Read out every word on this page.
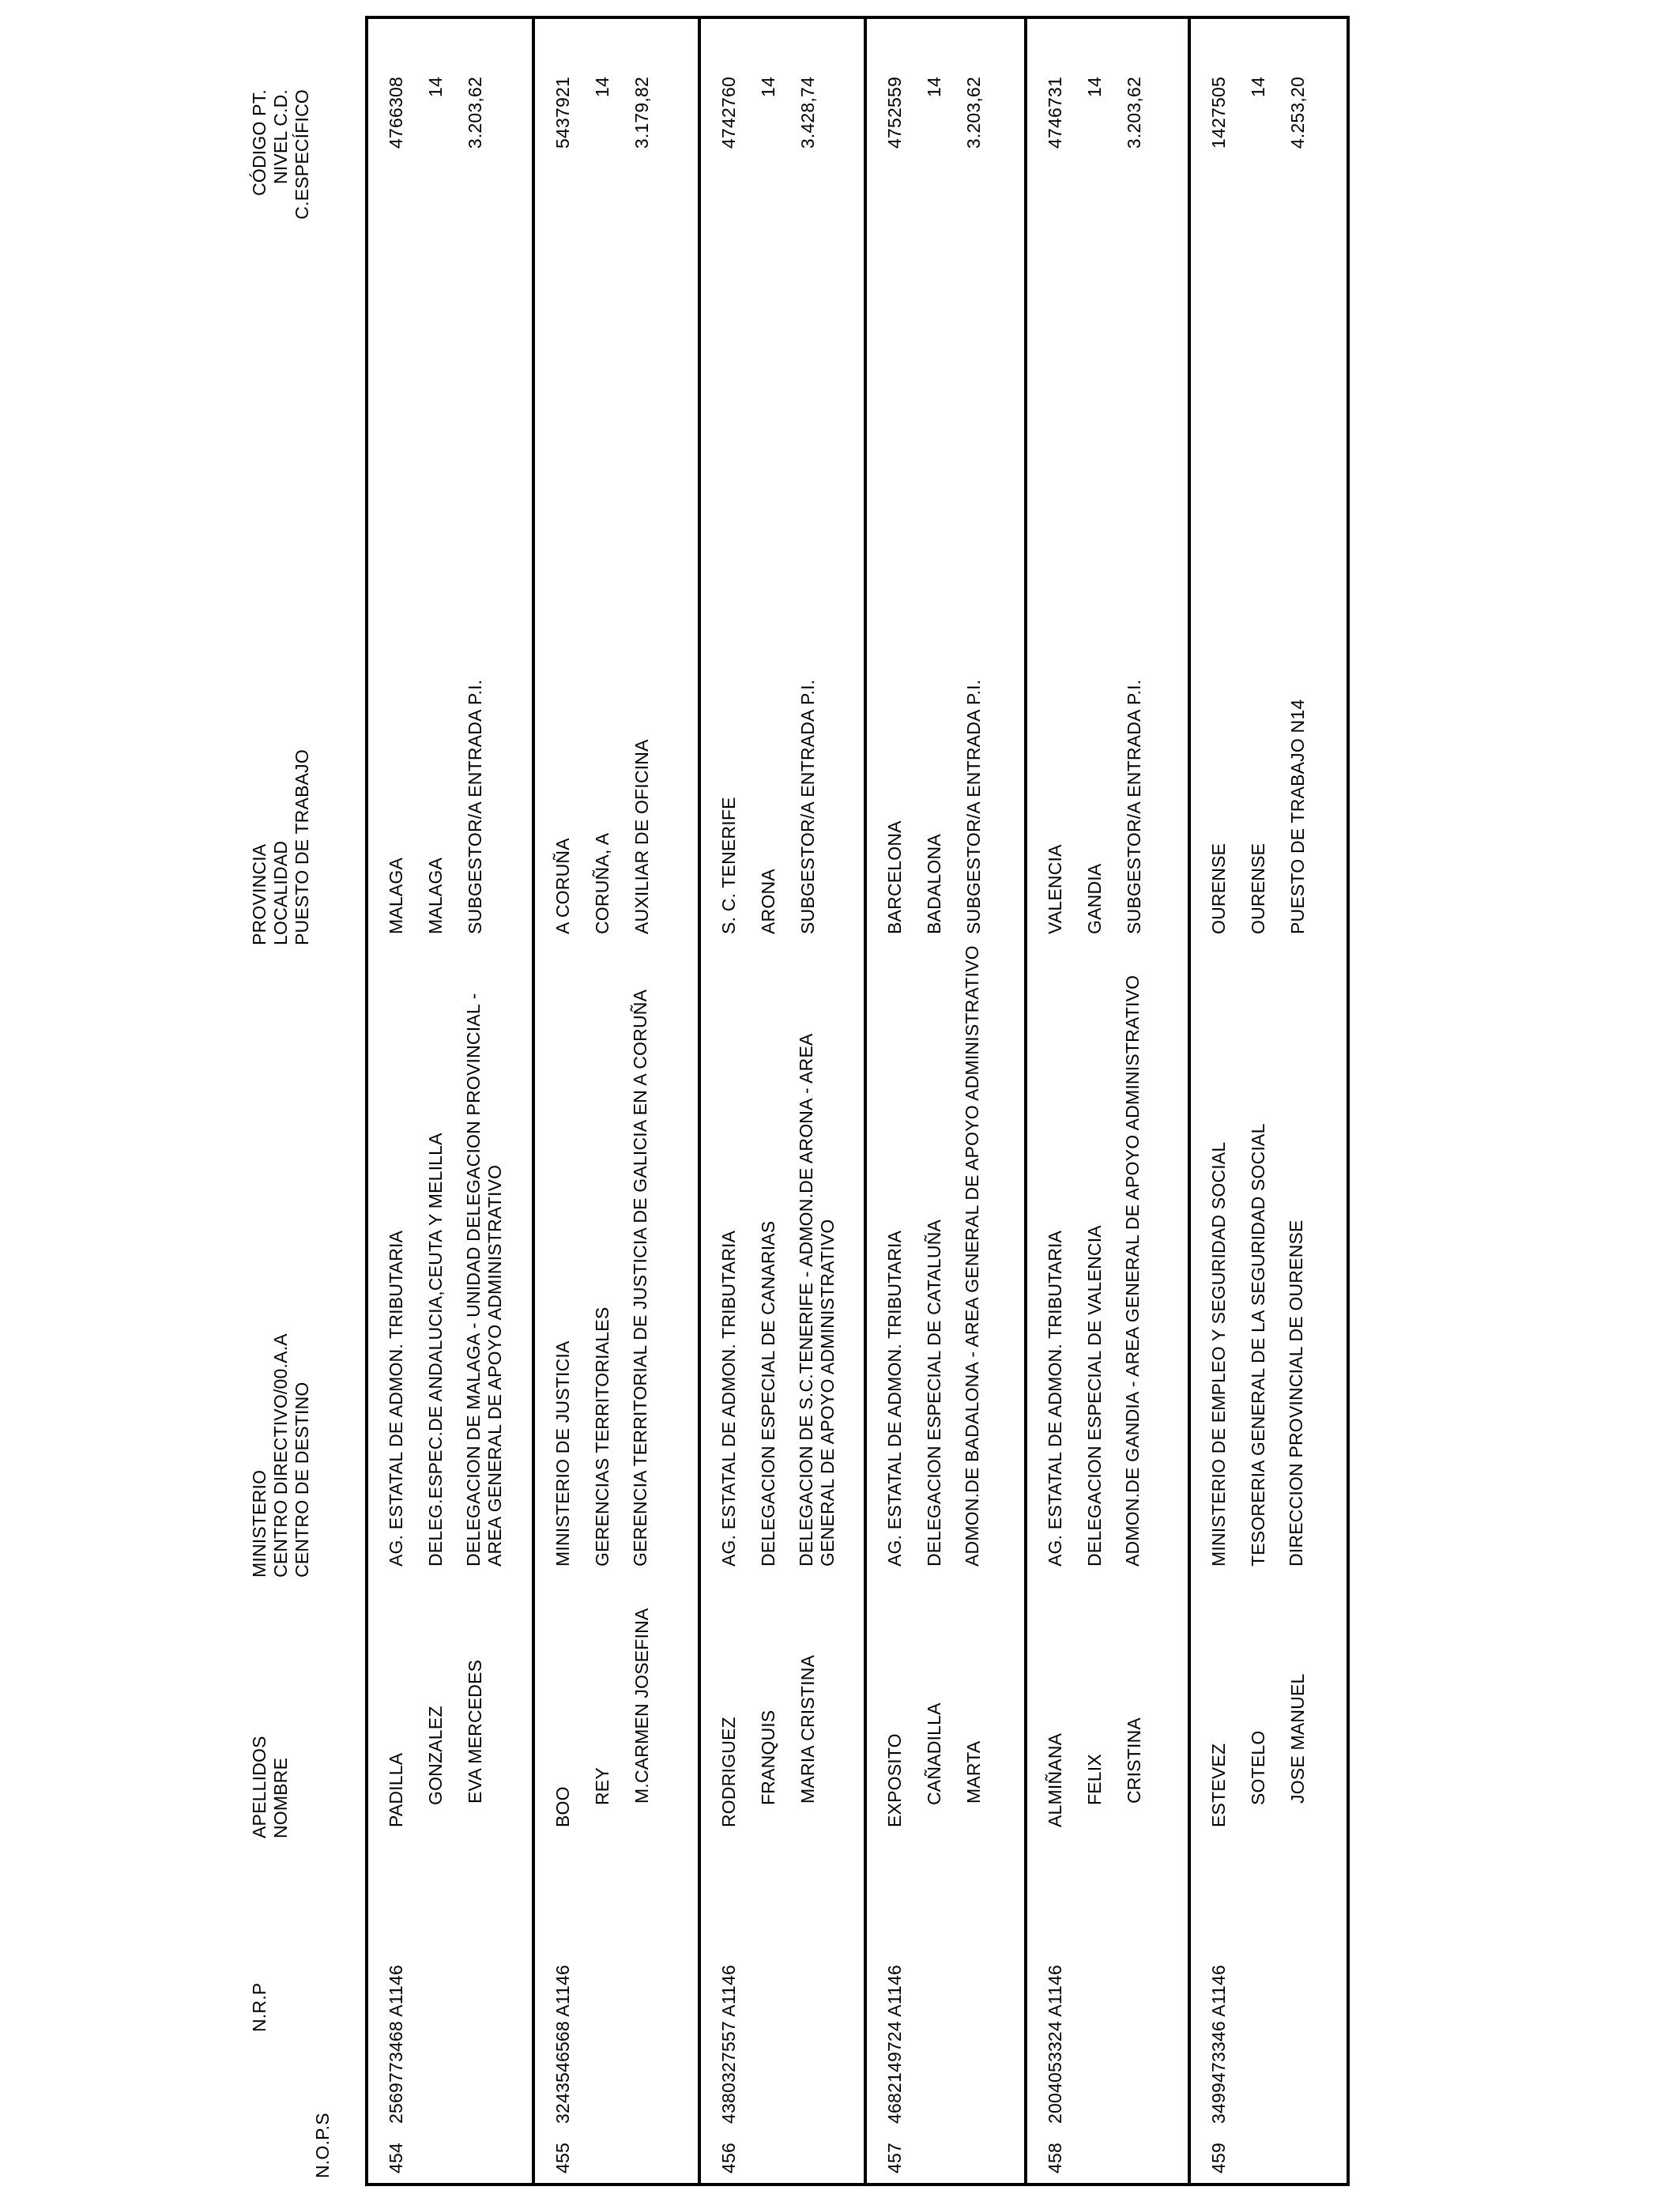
N.O.P.S
N.R.P
APELLIDOS NOMBRE
MINISTERIO CENTRO DIRECTIVO/00.A.A CENTRO DE DESTINO
PROVINCIA LOCALIDAD PUESTO DE TRABAJO
CÓDIGO PT. NIVEL C.D. C.ESPECÍFICO
454
2569773468 A1146
PADILLA GONZALEZ EVA MERCEDES
AG. ESTATAL DE ADMON. TRIBUTARIA DELEG.ESPEC.DE ANDALUCIA,CEUTA Y MELILLA DELEGACION DE MALAGA - UNIDAD DELEGACION PROVINCIAL - AREA GENERAL DE APOYO ADMINISTRATIVO
MALAGA MALAGA SUBGESTOR/A ENTRADA P.I.
4766308 14 3.203,62
455
3243546568 A1146
BOO
REY M.CARMEN JOSEFINA
MINISTERIO DE JUSTICIA GERENCIAS TERRITORIALES GERENCIA TERRITORIAL DE JUSTICIA DE GALICIA EN A CORUÑA
A CORUÑA CORUÑA, A AUXILIAR DE OFICINA
5437921 14 3.179,82
456
4380327557 A1146
RODRIGUEZ FRANQUIS MARIA CRISTINA
AG. ESTATAL DE ADMON. TRIBUTARIA DELEGACION ESPECIAL DE CANARIAS DELEGACION DE S.C.TENERIFE - ADMON.DE ARONA - AREA GENERAL DE APOYO ADMINISTRATIVO
S. C. TENERIFE ARONA SUBGESTOR/A ENTRADA P.I.
4742760 14 3.428,74
457
4682149724 A1146
EXPOSITO CAÑADILLA MARTA
AG. ESTATAL DE ADMON. TRIBUTARIA DELEGACION ESPECIAL DE CATALUÑA ADMON.DE BADALONA - AREA GENERAL DE APOYO ADMINISTRATIVO
BARCELONA BADALONA SUBGESTOR/A ENTRADA P.I.
4752559 14 3.203,62
458
2004053324 A1146
ALMIÑANA FELIX CRISTINA
AG. ESTATAL DE ADMON. TRIBUTARIA DELEGACION ESPECIAL DE VALENCIA ADMON.DE GANDIA - AREA GENERAL DE APOYO ADMINISTRATIVO
VALENCIA GANDIA SUBGESTOR/A ENTRADA P.I.
4746731 14 3.203,62
459
3499473346 A1146
ESTEVEZ SOTELO JOSE MANUEL
MINISTERIO DE EMPLEO Y SEGURIDAD SOCIAL TESORERIA GENERAL DE LA SEGURIDAD SOCIAL DIRECCION PROVINCIAL DE OURENSE
OURENSE OURENSE PUESTO DE TRABAJO N14
1427505 14 4.253,20
